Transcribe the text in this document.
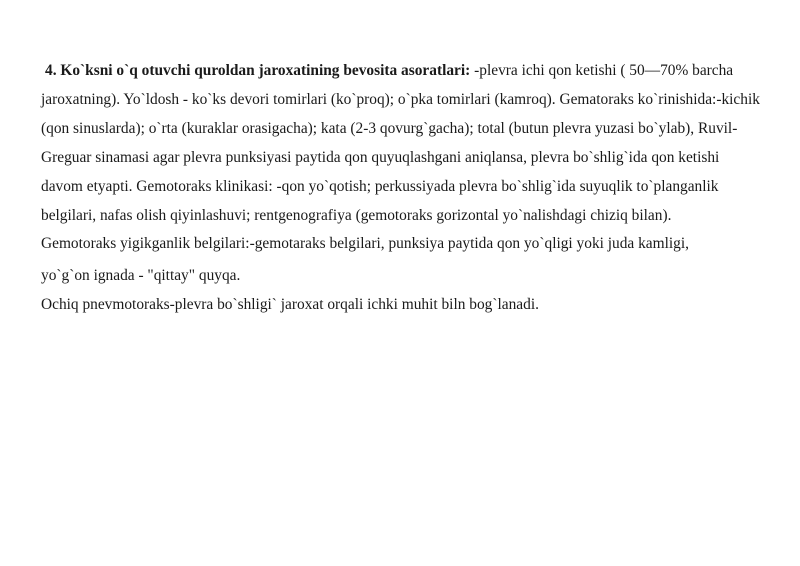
4. Ko`ksni o`q otuvchi quroldan jaroxatining bevosita asoratlari: -plevra ichi qon ketishi ( 50—70% barcha jaroxatning). Yo`ldosh - ko`ks devori tomirlari (ko`proq); o`pka tomirlari (kamroq). Gematoraks ko`rinishida:-kichik (qon sinuslarda); o`rta (kuraklar orasigacha); kata (2-3 qovurg`gacha); total (butun plevra yuzasi bo`ylab), Ruvil-Greguar sinamasi agar plevra punksiyasi paytida qon quyuqlashgani aniqlansa, plevra bo`shlig`ida qon ketishi davom etyapti. Gemotoraks klinikasi: -qon yo`qotish; perkussiyada plevra bo`shlig`ida suyuqlik to`planganlik belgilari, nafas olish qiyinlashuvi; rentgenografiya (gemotoraks gorizontal yo`nalishdagi chiziq bilan).

Gemotoraks yigikganlik belgilari:-gemotaraks belgilari, punksiya paytida qon yo`qligi yoki juda kamligi,

yo`g`on ignada - "qittay" quyqa.

Ochiq pnevmotoraks-plevra bo`shligi` jaroxat orqali ichki muhit biln bog`lanadi.
